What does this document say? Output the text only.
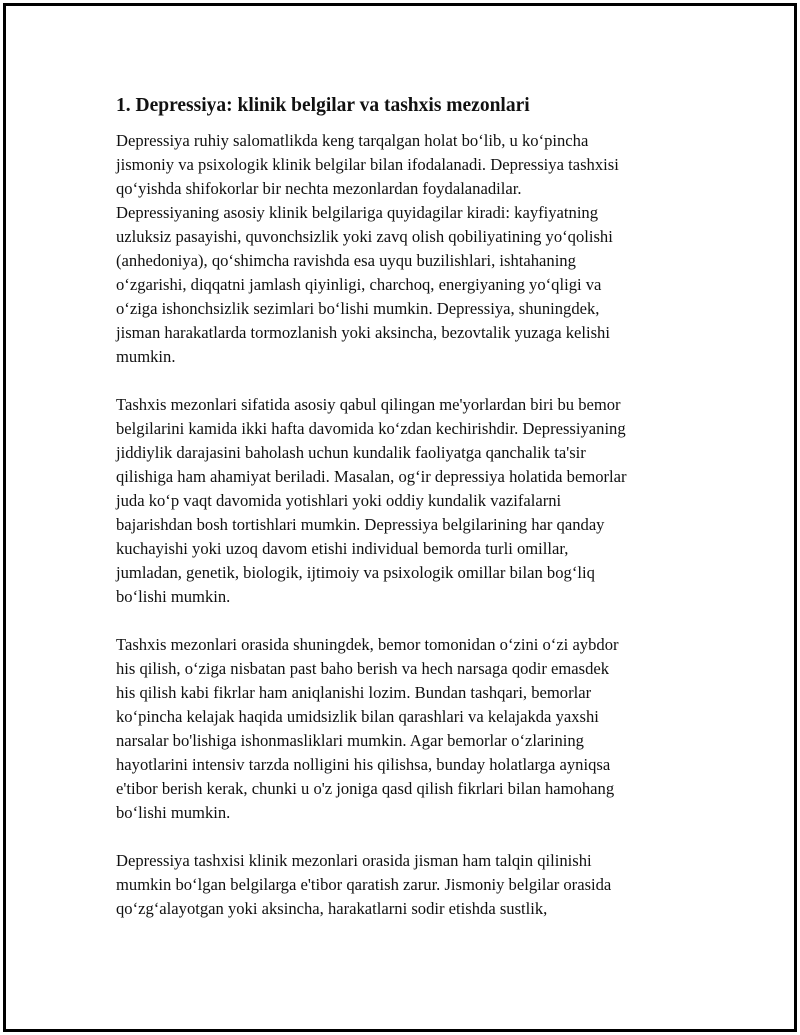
1. Depressiya: klinik belgilar va tashxis mezonlari

Depressiya ruhiy salomatlikda keng tarqalgan holat bo‘lib, u ko‘pincha
jismoniy va psixologik klinik belgilar bilan ifodalanadi. Depressiya tashxisi
qo‘yishda shifokorlar bir nechta mezonlardan foydalanadilar.
Depressiyaning asosiy klinik belgilariga quyidagilar kiradi: kayfiyatning
uzluksiz pasayishi, quvonchsizlik yoki zavq olish qobiliyatining yo‘qolishi
(anhedoniya), qo‘shimcha ravishda esa uyqu buzilishlari, ishtahaning
o‘zgarishi, diqqatni jamlash qiyinligi, charchoq, energiyaning yo‘qligi va
o‘ziga ishonchsizlik sezimlari bo‘lishi mumkin. Depressiya, shuningdek,
jisman harakatlarda tormozlanish yoki aksincha, bezovtalik yuzaga kelishi
mumkin.

Tashxis mezonlari sifatida asosiy qabul qilingan me'yorlardan biri bu bemor
belgilarini kamida ikki hafta davomida ko‘zdan kechirishdir. Depressiyaning
jiddiylik darajasini baholash uchun kundalik faoliyatga qanchalik ta'sir
qilishiga ham ahamiyat beriladi. Masalan, og‘ir depressiya holatida bemorlar
juda ko‘p vaqt davomida yotishlari yoki oddiy kundalik vazifalarni
bajarishdan bosh tortishlari mumkin. Depressiya belgilarining har qanday
kuchayishi yoki uzoq davom etishi individual bemorda turli omillar,
jumladan, genetik, biologik, ijtimoiy va psixologik omillar bilan bog‘liq
bo‘lishi mumkin.

Tashxis mezonlari orasida shuningdek, bemor tomonidan o‘zini o‘zi aybdor
his qilish, o‘ziga nisbatan past baho berish va hech narsaga qodir emasdek
his qilish kabi fikrlar ham aniqlanishi lozim. Bundan tashqari, bemorlar
ko‘pincha kelajak haqida umidsizlik bilan qarashlari va kelajakda yaxshi
narsalar bo'lishiga ishonmasliklari mumkin. Agar bemorlar o‘zlarining
hayotlarini intensiv tarzda nolligini his qilishsa, bunday holatlarga ayniqsa
e'tibor berish kerak, chunki u o'z joniga qasd qilish fikrlari bilan hamohang
bo‘lishi mumkin.

Depressiya tashxisi klinik mezonlari orasida jisman ham talqin qilinishi
mumkin bo‘lgan belgilarga e'tibor qaratish zarur. Jismoniy belgilar orasida
qo‘zg‘alayotgan yoki aksincha, harakatlarni sodir etishda sustlik,
